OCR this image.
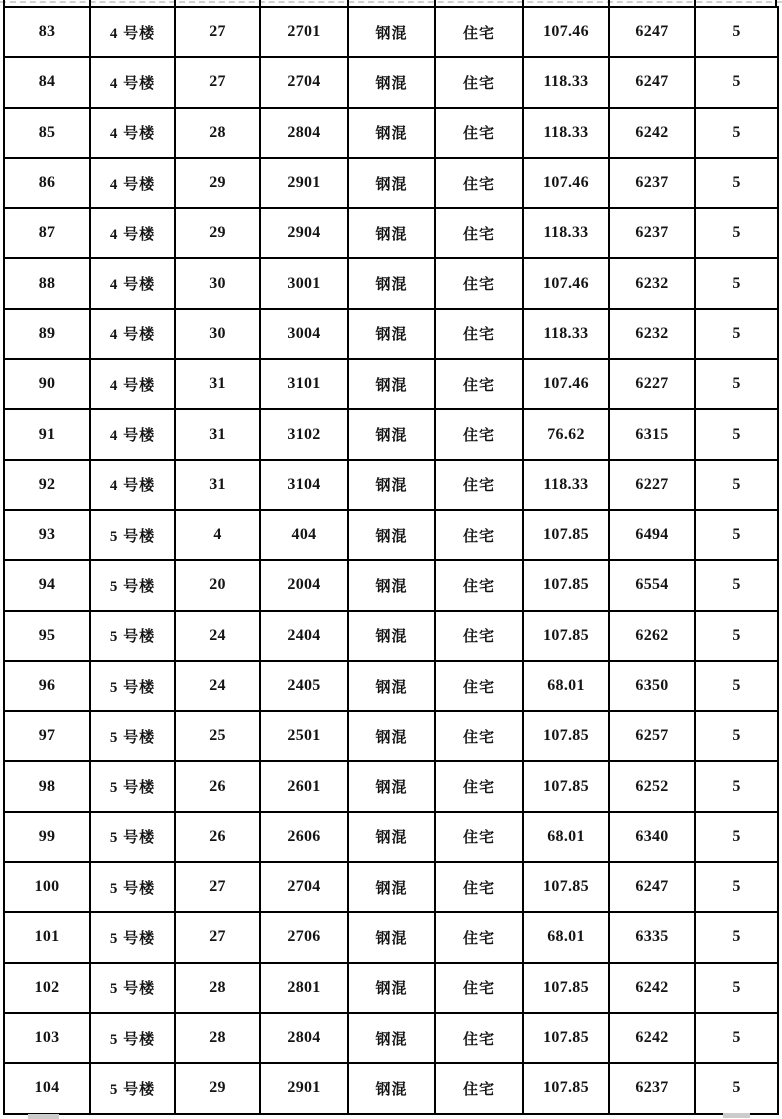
83	4 号楼	27	2701	钢混	住宅	107.46	6247	5
84	4 号楼	27	2704	钢混	住宅	118.33	6247	5
85	4 号楼	28	2804	钢混	住宅	118.33	6242	5
86	4 号楼	29	2901	钢混	住宅	107.46	6237	5
87	4 号楼	29	2904	钢混	住宅	118.33	6237	5
88	4 号楼	30	3001	钢混	住宅	107.46	6232	5
89	4 号楼	30	3004	钢混	住宅	118.33	6232	5
90	4 号楼	31	3101	钢混	住宅	107.46	6227	5
91	4 号楼	31	3102	钢混	住宅	76.62	6315	5
92	4 号楼	31	3104	钢混	住宅	118.33	6227	5
93	5 号楼	4	404	钢混	住宅	107.85	6494	5
94	5 号楼	20	2004	钢混	住宅	107.85	6554	5
95	5 号楼	24	2404	钢混	住宅	107.85	6262	5
96	5 号楼	24	2405	钢混	住宅	68.01	6350	5
97	5 号楼	25	2501	钢混	住宅	107.85	6257	5
98	5 号楼	26	2601	钢混	住宅	107.85	6252	5
99	5 号楼	26	2606	钢混	住宅	68.01	6340	5
100	5 号楼	27	2704	钢混	住宅	107.85	6247	5
101	5 号楼	27	2706	钢混	住宅	68.01	6335	5
102	5 号楼	28	2801	钢混	住宅	107.85	6242	5
103	5 号楼	28	2804	钢混	住宅	107.85	6242	5
104	5 号楼	29	2901	钢混	住宅	107.85	6237	5
